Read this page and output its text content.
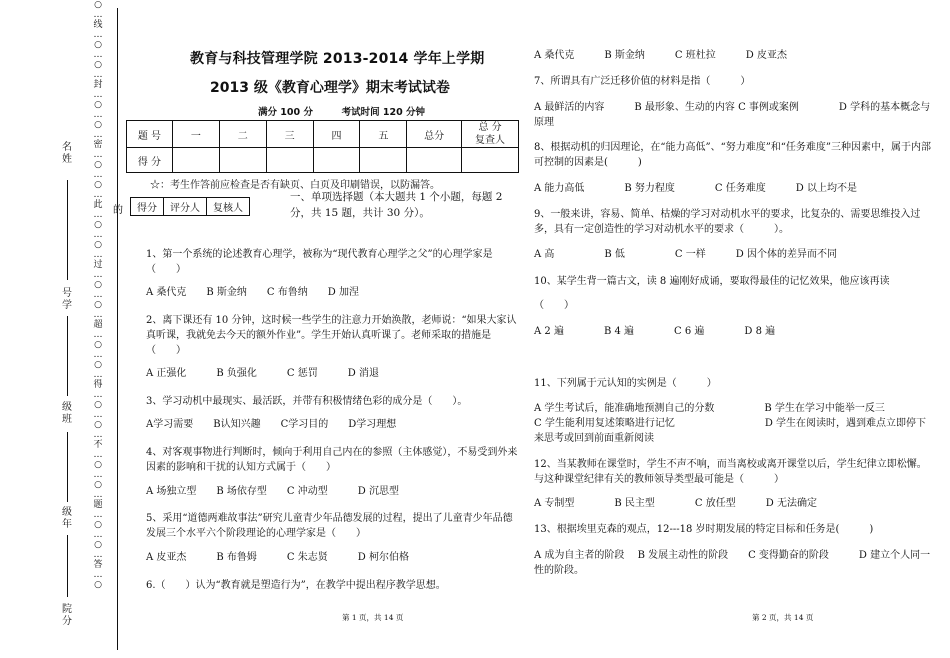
○
…
线
…
○
…
○
…
封
…
○
…
○
…
密
…
○
…
○
…
此
…
○
…
○
…
过
…
○
…
○
…
超
…
○
…
○
…
得
…
○
…
○
…
不
…
○
…
○
…
题
…
○
…
○
…
答
…
○
名
姓
号
学
级
班
级
年
院
分
教育与科技管理学院 2013-2014 学年上学期
2013 级《教育心理学》期末考试试卷
满分 100 分	考试时间 120 分钟
题 号	一	二	三	四	五	总分	总 分
复查人
得 分							
☆：考生作答前应检查是否有缺页、白页及印刷错误，以防漏答。
的 得分	评分人	复核人
一、单项选择题（本大题共 1 个小题，每题 2 分，共 15 题，共计 30 分）。
1、第一个系统的论述教育心理学，被称为“现代教育心理学之父”的心理学家是（　　）
A 桑代克　　B 斯金纳　　C 布鲁纳　　D 加涅
2、离下课还有 10 分钟，这时候一些学生的注意力开始涣散，老师说：“如果大家认真听课，我就免去今天的额外作业”。学生开始认真听课了。老师采取的措施是（　　）
A 正强化　　　B 负强化　　　C 惩罚　　　D 消退
3、学习动机中最现实、最活跃，并带有积极情绪色彩的成分是（　　）。
A学习需要　　B认知兴趣　　C学习目的　　D学习理想
4、对客观事物进行判断时，倾向于利用自己内在的参照（主体感觉），不易受到外来因素的影响和干扰的认知方式属于（　　）
A 场独立型　　B 场依存型　　C 冲动型　　　D 沉思型
5、采用“道德两难故事法”研究儿童青少年品德发展的过程，提出了儿童青少年品德发展三个水平六个阶段理论的心理学家是（　　）
A 皮亚杰　　　B 布鲁姆　　　C 朱志贤　　　D 柯尔伯格
6.（　　）认为“教育就是塑造行为”，在教学中提出程序教学思想。
第 1 页，共 14 页
A 桑代克　　　B 斯金纳　　　C 班杜拉　　　D 皮亚杰
7、所谓具有广泛迁移价值的材料是指（　　　）
A 最鲜活的内容　　　B 最形象、生动的内容 C 事例或案例　　　　D 学科的基本概念与原理
8、根据动机的归因理论，在“能力高低”、“努力难度”和“任务难度”三种因素中，属于内部可控制的因素是(　　　)
A 能力高低　　　　B 努力程度　　　　C 任务难度　　　D 以上均不是
9、一般来讲，容易、简单、枯燥的学习对动机水平的要求，比复杂的、需要思维投入过多，具有一定创造性的学习对动机水平的要求（　　　）。
A 高　　　　　B 低　　　　　C 一样　　　D 因个体的差异而不同
10、某学生背一篇古文，读 8 遍刚好成诵，要取得最佳的记忆效果，他应该再读
（　　）
A 2 遍　　　　B 4 遍　　　　C 6 遍　　　　D 8 遍
11、下列属于元认知的实例是（　　　）
A 学生考试后，能准确地预测自己的分数　　　　　B 学生在学习中能举一反三
C 学生能利用复述策略进行记忆　　　　　　　　　D 学生在阅读时，遇到难点立即停下来思考或回到前面重新阅读
12、当某教师在课堂时，学生不声不响，而当离校或离开课堂以后，学生纪律立即松懈。与这种课堂纪律有关的教师领导类型最可能是（　　　）
A 专制型　　　　B 民主型　　　　C 放任型　　　D 无法确定
13、根据埃里克森的观点，12---18 岁时期发展的特定目标和任务是(　　　)
A 成为自主者的阶段　 B 发展主动性的阶段　　C 变得勤奋的阶段　　　D 建立个人同一性的阶段。
第 2 页，共 14 页
